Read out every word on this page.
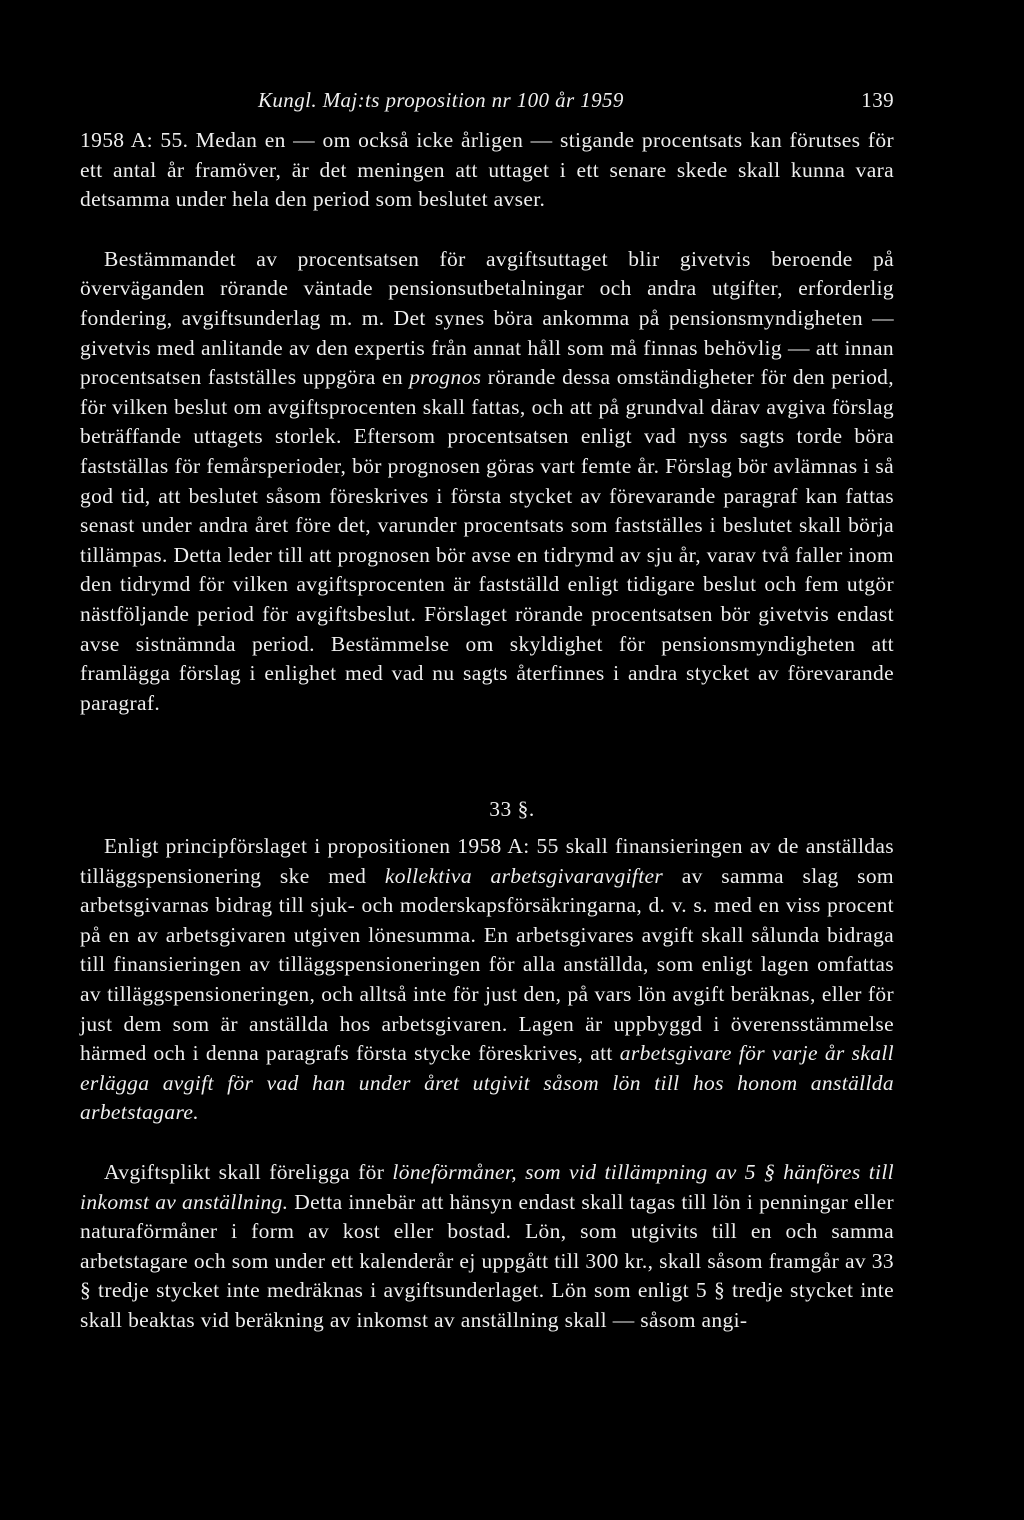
Kungl. Maj:ts proposition nr 100 år 1959	139

1958 A: 55. Medan en — om också icke årligen — stigande procentsats kan förutses för ett antal år framöver, är det meningen att uttaget i ett senare skede skall kunna vara detsamma under hela den period som beslutet avser.

Bestämmandet av procentsatsen för avgiftsuttaget blir givetvis beroende på överväganden rörande väntade pensionsutbetalningar och andra utgifter, erforderlig fondering, avgiftsunderlag m. m. Det synes böra ankomma på pensionsmyndigheten — givetvis med anlitande av den expertis från annat håll som må finnas behövlig — att innan procentsatsen fastställes uppgöra en prognos rörande dessa omständigheter för den period, för vilken beslut om avgiftsprocenten skall fattas, och att på grundval därav avgiva förslag beträffande uttagets storlek. Eftersom procentsatsen enligt vad nyss sagts torde böra fastställas för femårsperioder, bör prognosen göras vart femte år. Förslag bör avlämnas i så god tid, att beslutet såsom föreskrives i första stycket av förevarande paragraf kan fattas senast under andra året före det, varunder procentsats som fastställes i beslutet skall börja tillämpas. Detta leder till att prognosen bör avse en tidrymd av sju år, varav två faller inom den tidrymd för vilken avgiftsprocenten är fastställd enligt tidigare beslut och fem utgör nästföljande period för avgiftsbeslut. Förslaget rörande procentsatsen bör givetvis endast avse sistnämnda period. Bestämmelse om skyldighet för pensionsmyndigheten att framlägga förslag i enlighet med vad nu sagts återfinnes i andra stycket av förevarande paragraf.

33 §.

Enligt principförslaget i propositionen 1958 A: 55 skall finansieringen av de anställdas tilläggspensionering ske med kollektiva arbetsgivaravgifter av samma slag som arbetsgivarnas bidrag till sjuk- och moderskapsförsäkringarna, d. v. s. med en viss procent på en av arbetsgivaren utgiven lönesumma. En arbetsgivares avgift skall sålunda bidraga till finansieringen av tilläggspensioneringen för alla anställda, som enligt lagen omfattas av tilläggspensioneringen, och alltså inte för just den, på vars lön avgift beräknas, eller för just dem som är anställda hos arbetsgivaren. Lagen är uppbyggd i överensstämmelse härmed och i denna paragrafs första stycke föreskrives, att arbetsgivare för varje år skall erlägga avgift för vad han under året utgivit såsom lön till hos honom anställda arbetstagare.

Avgiftsplikt skall föreligga för löneförmåner, som vid tillämpning av 5 § hänföres till inkomst av anställning. Detta innebär att hänsyn endast skall tagas till lön i penningar eller naturaförmåner i form av kost eller bostad. Lön, som utgivits till en och samma arbetstagare och som under ett kalenderår ej uppgått till 300 kr., skall såsom framgår av 33 § tredje stycket inte medräknas i avgiftsunderlaget. Lön som enligt 5 § tredje stycket inte skall beaktas vid beräkning av inkomst av anställning skall — såsom angi-
